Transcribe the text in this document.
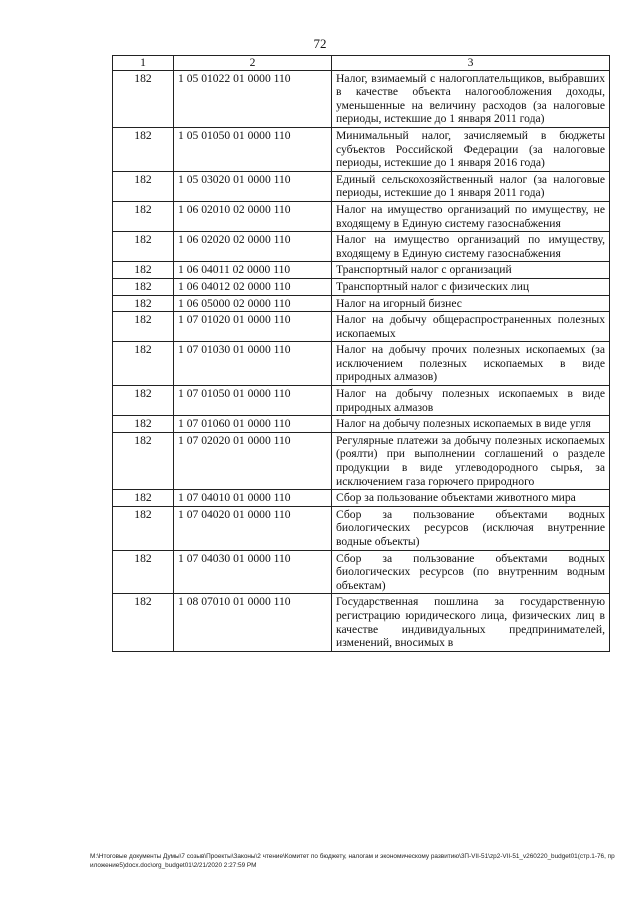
72
1	2	3
182	1 05 01022 01 0000 110	Налог, взимаемый с налогоплательщиков, выбравших в качестве объекта налогообложения доходы, уменьшенные на величину расходов (за налоговые периоды, истекшие до 1 января 2011 года)
182	1 05 01050 01 0000 110	Минимальный налог, зачисляемый в бюджеты субъектов Российской Федерации (за налоговые периоды, истекшие до 1 января 2016 года)
182	1 05 03020 01 0000 110	Единый сельскохозяйственный налог (за налоговые периоды, истекшие до 1 января 2011 года)
182	1 06 02010 02 0000 110	Налог на имущество организаций по имуществу, не входящему в Единую систему газоснабжения
182	1 06 02020 02 0000 110	Налог на имущество организаций по имуществу, входящему в Единую систему газоснабжения
182	1 06 04011 02 0000 110	Транспортный налог с организаций
182	1 06 04012 02 0000 110	Транспортный налог с физических лиц
182	1 06 05000 02 0000 110	Налог на игорный бизнес
182	1 07 01020 01 0000 110	Налог на добычу общераспространенных полезных ископаемых
182	1 07 01030 01 0000 110	Налог на добычу прочих полезных ископаемых (за исключением полезных ископаемых в виде природных алмазов)
182	1 07 01050 01 0000 110	Налог на добычу полезных ископаемых в виде природных алмазов
182	1 07 01060 01 0000 110	Налог на добычу полезных ископаемых в виде угля
182	1 07 02020 01 0000 110	Регулярные платежи за добычу полезных ископаемых (роялти) при выполнении соглашений о разделе продукции в виде углеводородного сырья, за исключением газа горючего природного
182	1 07 04010 01 0000 110	Сбор за пользование объектами животного мира
182	1 07 04020 01 0000 110	Сбор за пользование объектами водных биологических ресурсов (исключая внутренние водные объекты)
182	1 07 04030 01 0000 110	Сбор за пользование объектами водных биологических ресурсов (по внутренним водным объектам)
182	1 08 07010 01 0000 110	Государственная пошлина за государственную регистрацию юридического лица, физических лиц в качестве индивидуальных предпринимателей, изменений, вносимых в
M:\Нтоговые документы Думы\7 созыв\Проекты\Законы\2 чтение\Комитет по бюджету, налогам и экономическому развитию\3П-VII-51\zp2-VII-51_v260220_budget01(стр.1-76, приложение5)docx.doc\org_budget01\2/21/2020 2:27:59 PM
